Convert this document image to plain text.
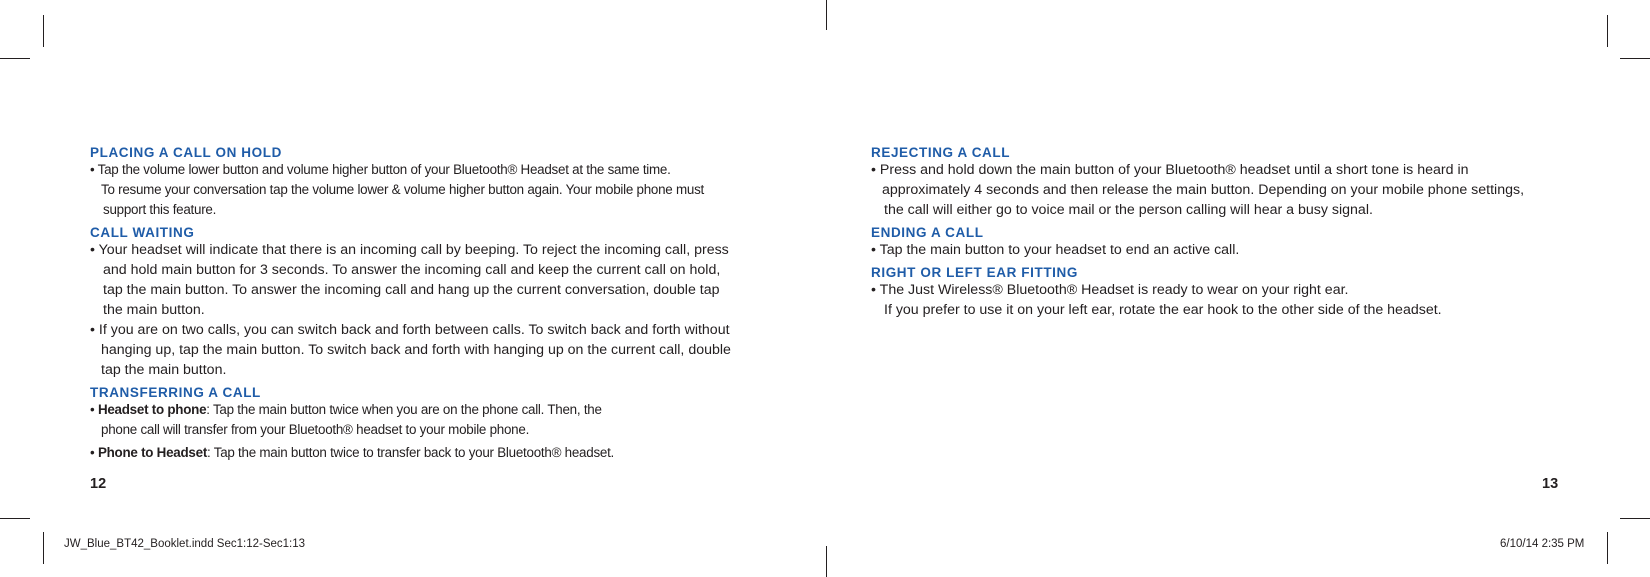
PLACING A CALL ON HOLD

• Tap the volume lower button and volume higher button of your Bluetooth® Headset at the same time.

To resume your conversation tap the volume lower & volume higher button again. Your mobile phone must

support this feature.

CALL WAITING

• Your headset will indicate that there is an incoming call by beeping. To reject the incoming call, press

and hold main button for 3 seconds. To answer the incoming call and keep the current call on hold,

tap the main button. To answer the incoming call and hang up the current conversation, double tap

the main button.

• If you are on two calls, you can switch back and forth between calls. To switch back and forth without

hanging up, tap the main button. To switch back and forth with hanging up on the current call, double

tap the main button.

TRANSFERRING A CALL

• Headset to phone: Tap the main button twice when you are on the phone call. Then, the

phone call will transfer from your Bluetooth® headset to your mobile phone.

• Phone to Headset: Tap the main button twice to transfer back to your Bluetooth® headset.

12
REJECTING A CALL

• Press and hold down the main button of your Bluetooth® headset until a short tone is heard in

approximately 4 seconds and then release the main button. Depending on your mobile phone settings,

the call will either go to voice mail or the person calling will hear a busy signal.

ENDING A CALL

• Tap the main button to your headset to end an active call.

RIGHT OR LEFT EAR FITTING

• The Just Wireless® Bluetooth® Headset is ready to wear on your right ear.

If you prefer to use it on your left ear, rotate the ear hook to the other side of the headset.

13
JW_Blue_BT42_Booklet.indd Sec1:12-Sec1:13	6/10/14 2:35 PM
